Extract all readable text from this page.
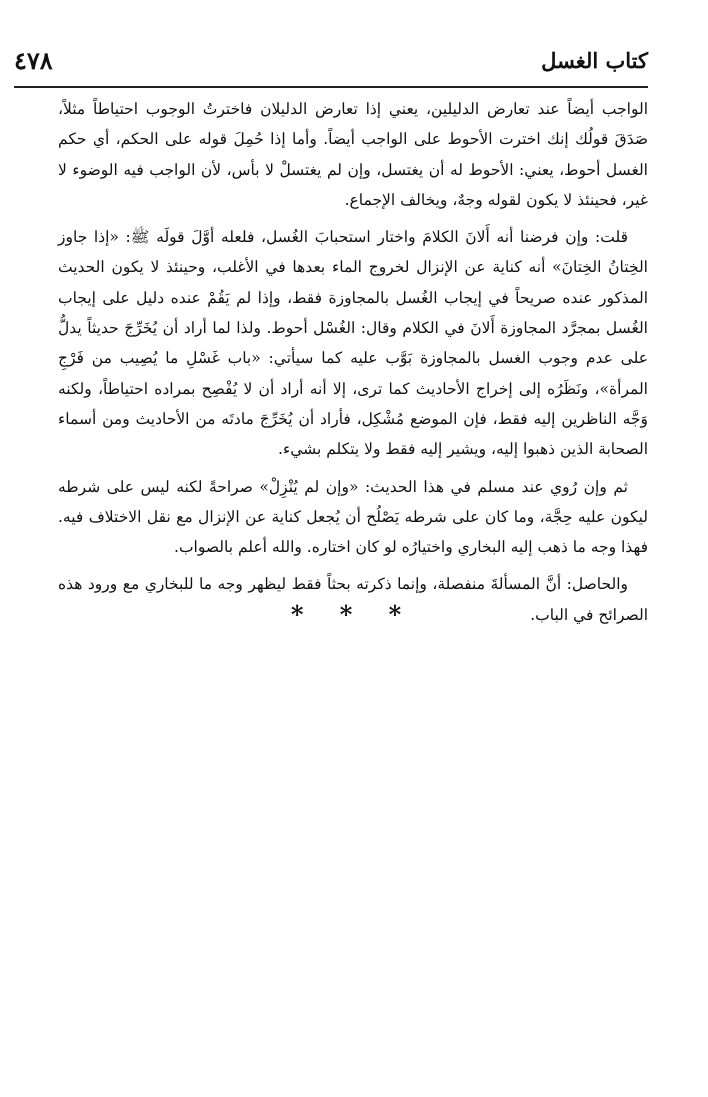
كتاب الغسل
٤٧٨

الواجب أيضاً عند تعارض الدليلين، يعني إذا تعارض الدليلان فاخترتُ الوجوب احتياطاً مثلاً، صَدَقَ قولُك إنك اخترت الأحوط على الواجب أيضاً. وأما إذا حُمِلَ قوله على الحكم، أي حكم الغسل أحوط، يعني: الأحوط له أن يغتسل، وإن لم يغتسلْ لا بأس، لأن الواجب فيه الوضوء لا غير، فحينئذ لا يكون لقوله وجهٌ، ويخالف الإجماع.

قلت: وإن فرضنا أنه أَلانَ الكلامَ واختار استحبابَ الغُسل، فلعله أوَّلَ قولَه ﷺ: «إذا جاوز الخِتانُ الخِتانَ» أنه كناية عن الإنزال لخروج الماء بعدها في الأغلب، وحينئذ لا يكون الحديث المذكور عنده صريحاً في إيجاب الغُسل بالمجاوزة فقط، وإذا لم يَقُمْ عنده دليل على إيجاب الغُسل بمجرَّد المجاوزة أَلانَ في الكلام وقال: الغُسْل أحوط. ولذا لما أراد أن يُخَرِّجَ حديثاً يدلُّ على عدم وجوب الغسل بالمجاوزة بَوَّب عليه كما سيأتي: «باب غَسْلِ ما يُصِيب من فَرْجِ المرأة»، ونَظَرُه إلى إخراج الأحاديث كما ترى، إلا أنه أراد أن لا يُفْصِح بمراده احتياطاً، ولكنه وَجَّه الناظرين إليه فقط، فإن الموضع مُشْكِل، فأراد أن يُخَرِّجَ مادتَه من الأحاديث ومن أسماء الصحابة الذين ذهبوا إليه، ويشير إليه فقط ولا يتكلم بشيء.

ثم وإن رُوي عند مسلم في هذا الحديث: «وإن لم يُنْزِلْ» صراحةً لكنه ليس على شرطه ليكون عليه حِجَّة، وما كان على شرطه يَصْلُح أن يُجعل كناية عن الإنزال مع نقل الاختلاف فيه. فهذا وجه ما ذهب إليه البخاري واختيارُه لو كان اختاره. والله أعلم بالصواب.

والحاصل: أنَّ المسألةَ منفصلة، وإنما ذكرته بحثاً فقط ليظهر وجه ما للبخاري مع ورود هذه الصرائح في الباب.

* * *
